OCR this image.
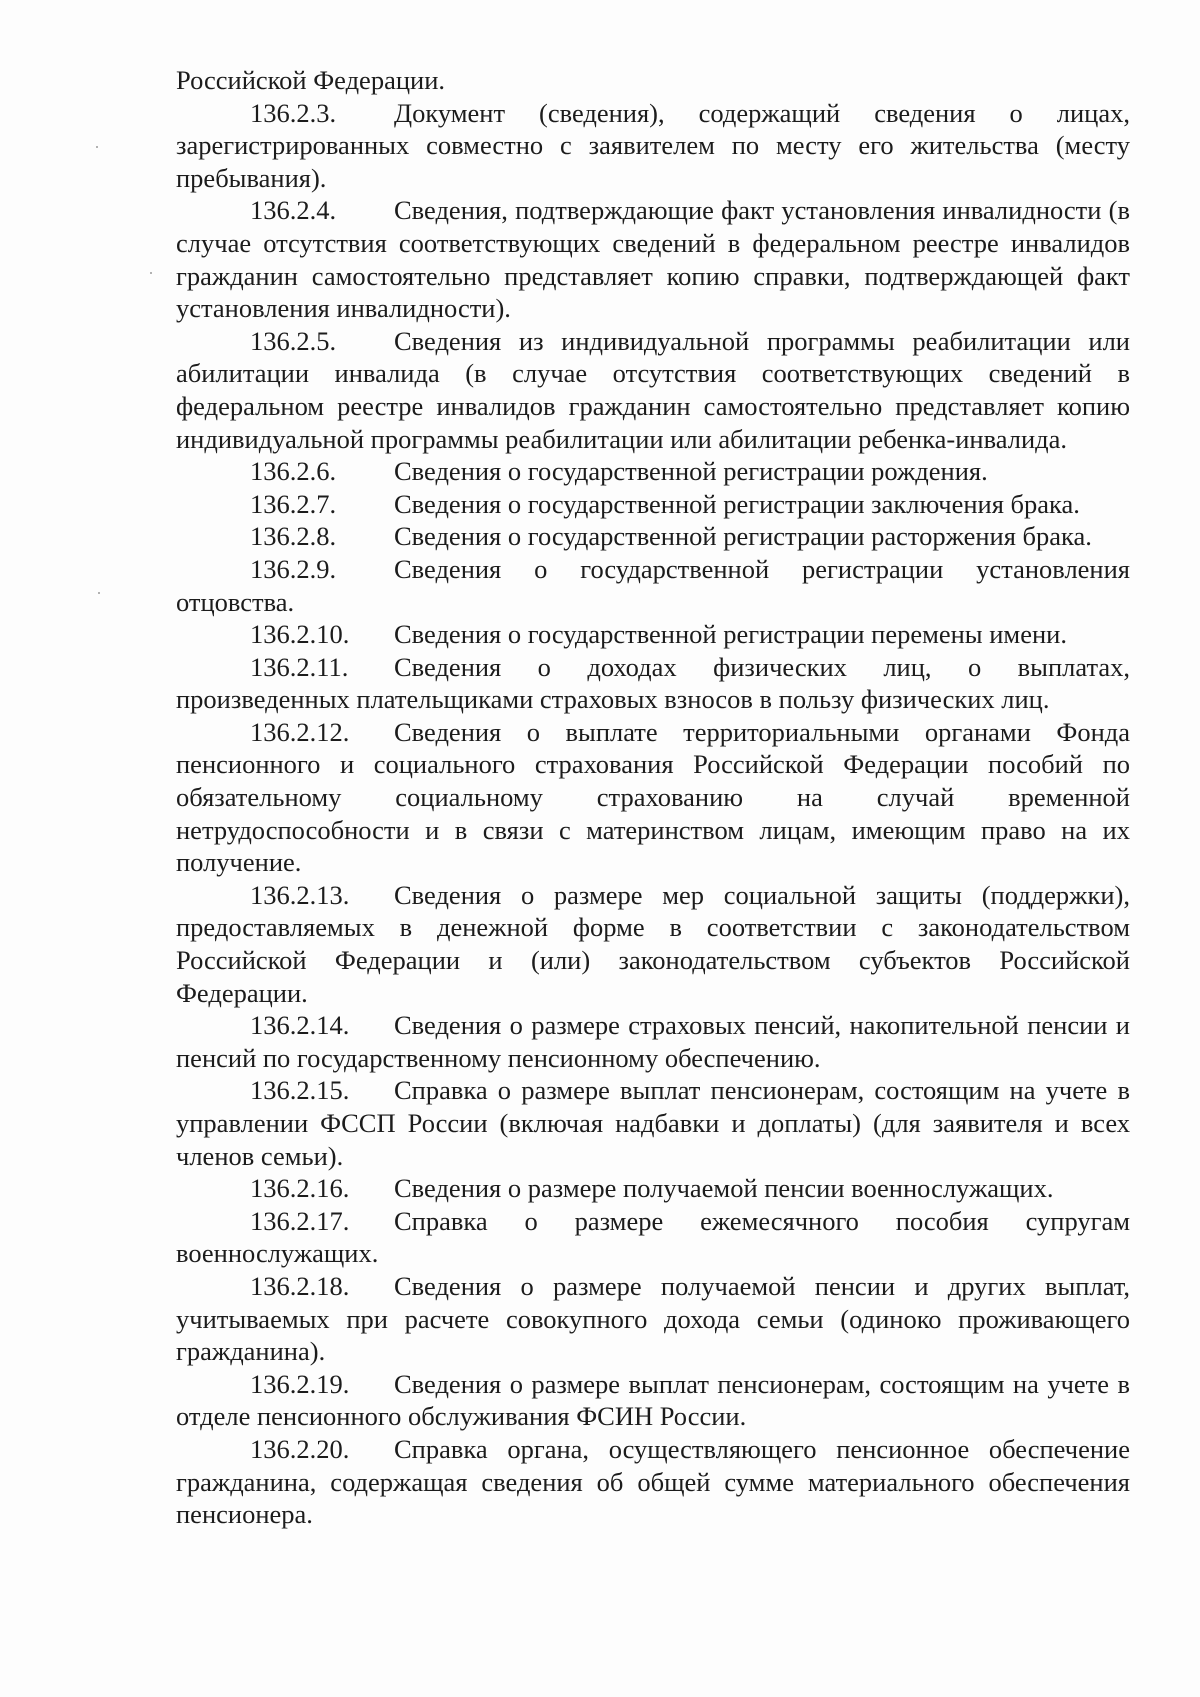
Российской Федерации.

136.2.3. Документ (сведения), содержащий сведения о лицах, зарегистрированных совместно с заявителем по месту его жительства (месту пребывания).

136.2.4. Сведения, подтверждающие факт установления инвалидности (в случае отсутствия соответствующих сведений в федеральном реестре инвалидов гражданин самостоятельно представляет копию справки, подтверждающей факт установления инвалидности).

136.2.5. Сведения из индивидуальной программы реабилитации или абилитации инвалида (в случае отсутствия соответствующих сведений в федеральном реестре инвалидов гражданин самостоятельно представляет копию индивидуальной программы реабилитации или абилитации ребенка-инвалида.

136.2.6. Сведения о государственной регистрации рождения.

136.2.7. Сведения о государственной регистрации заключения брака.

136.2.8. Сведения о государственной регистрации расторжения брака.

136.2.9. Сведения о государственной регистрации установления отцовства.

136.2.10. Сведения о государственной регистрации перемены имени.

136.2.11. Сведения о доходах физических лиц, о выплатах, произведенных плательщиками страховых взносов в пользу физических лиц.

136.2.12. Сведения о выплате территориальными органами Фонда пенсионного и социального страхования Российской Федерации пособий по обязательному социальному страхованию на случай временной нетрудоспособности и в связи с материнством лицам, имеющим право на их получение.

136.2.13. Сведения о размере мер социальной защиты (поддержки), предоставляемых в денежной форме в соответствии с законодательством Российской Федерации и (или) законодательством субъектов Российской Федерации.

136.2.14. Сведения о размере страховых пенсий, накопительной пенсии и пенсий по государственному пенсионному обеспечению.

136.2.15. Справка о размере выплат пенсионерам, состоящим на учете в управлении ФССП России (включая надбавки и доплаты) (для заявителя и всех членов семьи).

136.2.16. Сведения о размере получаемой пенсии военнослужащих.

136.2.17. Справка о размере ежемесячного пособия супругам военнослужащих.

136.2.18. Сведения о размере получаемой пенсии и других выплат, учитываемых при расчете совокупного дохода семьи (одиноко проживающего гражданина).

136.2.19. Сведения о размере выплат пенсионерам, состоящим на учете в отделе пенсионного обслуживания ФСИН России.

136.2.20. Справка органа, осуществляющего пенсионное обеспечение гражданина, содержащая сведения об общей сумме материального обеспечения пенсионера.
